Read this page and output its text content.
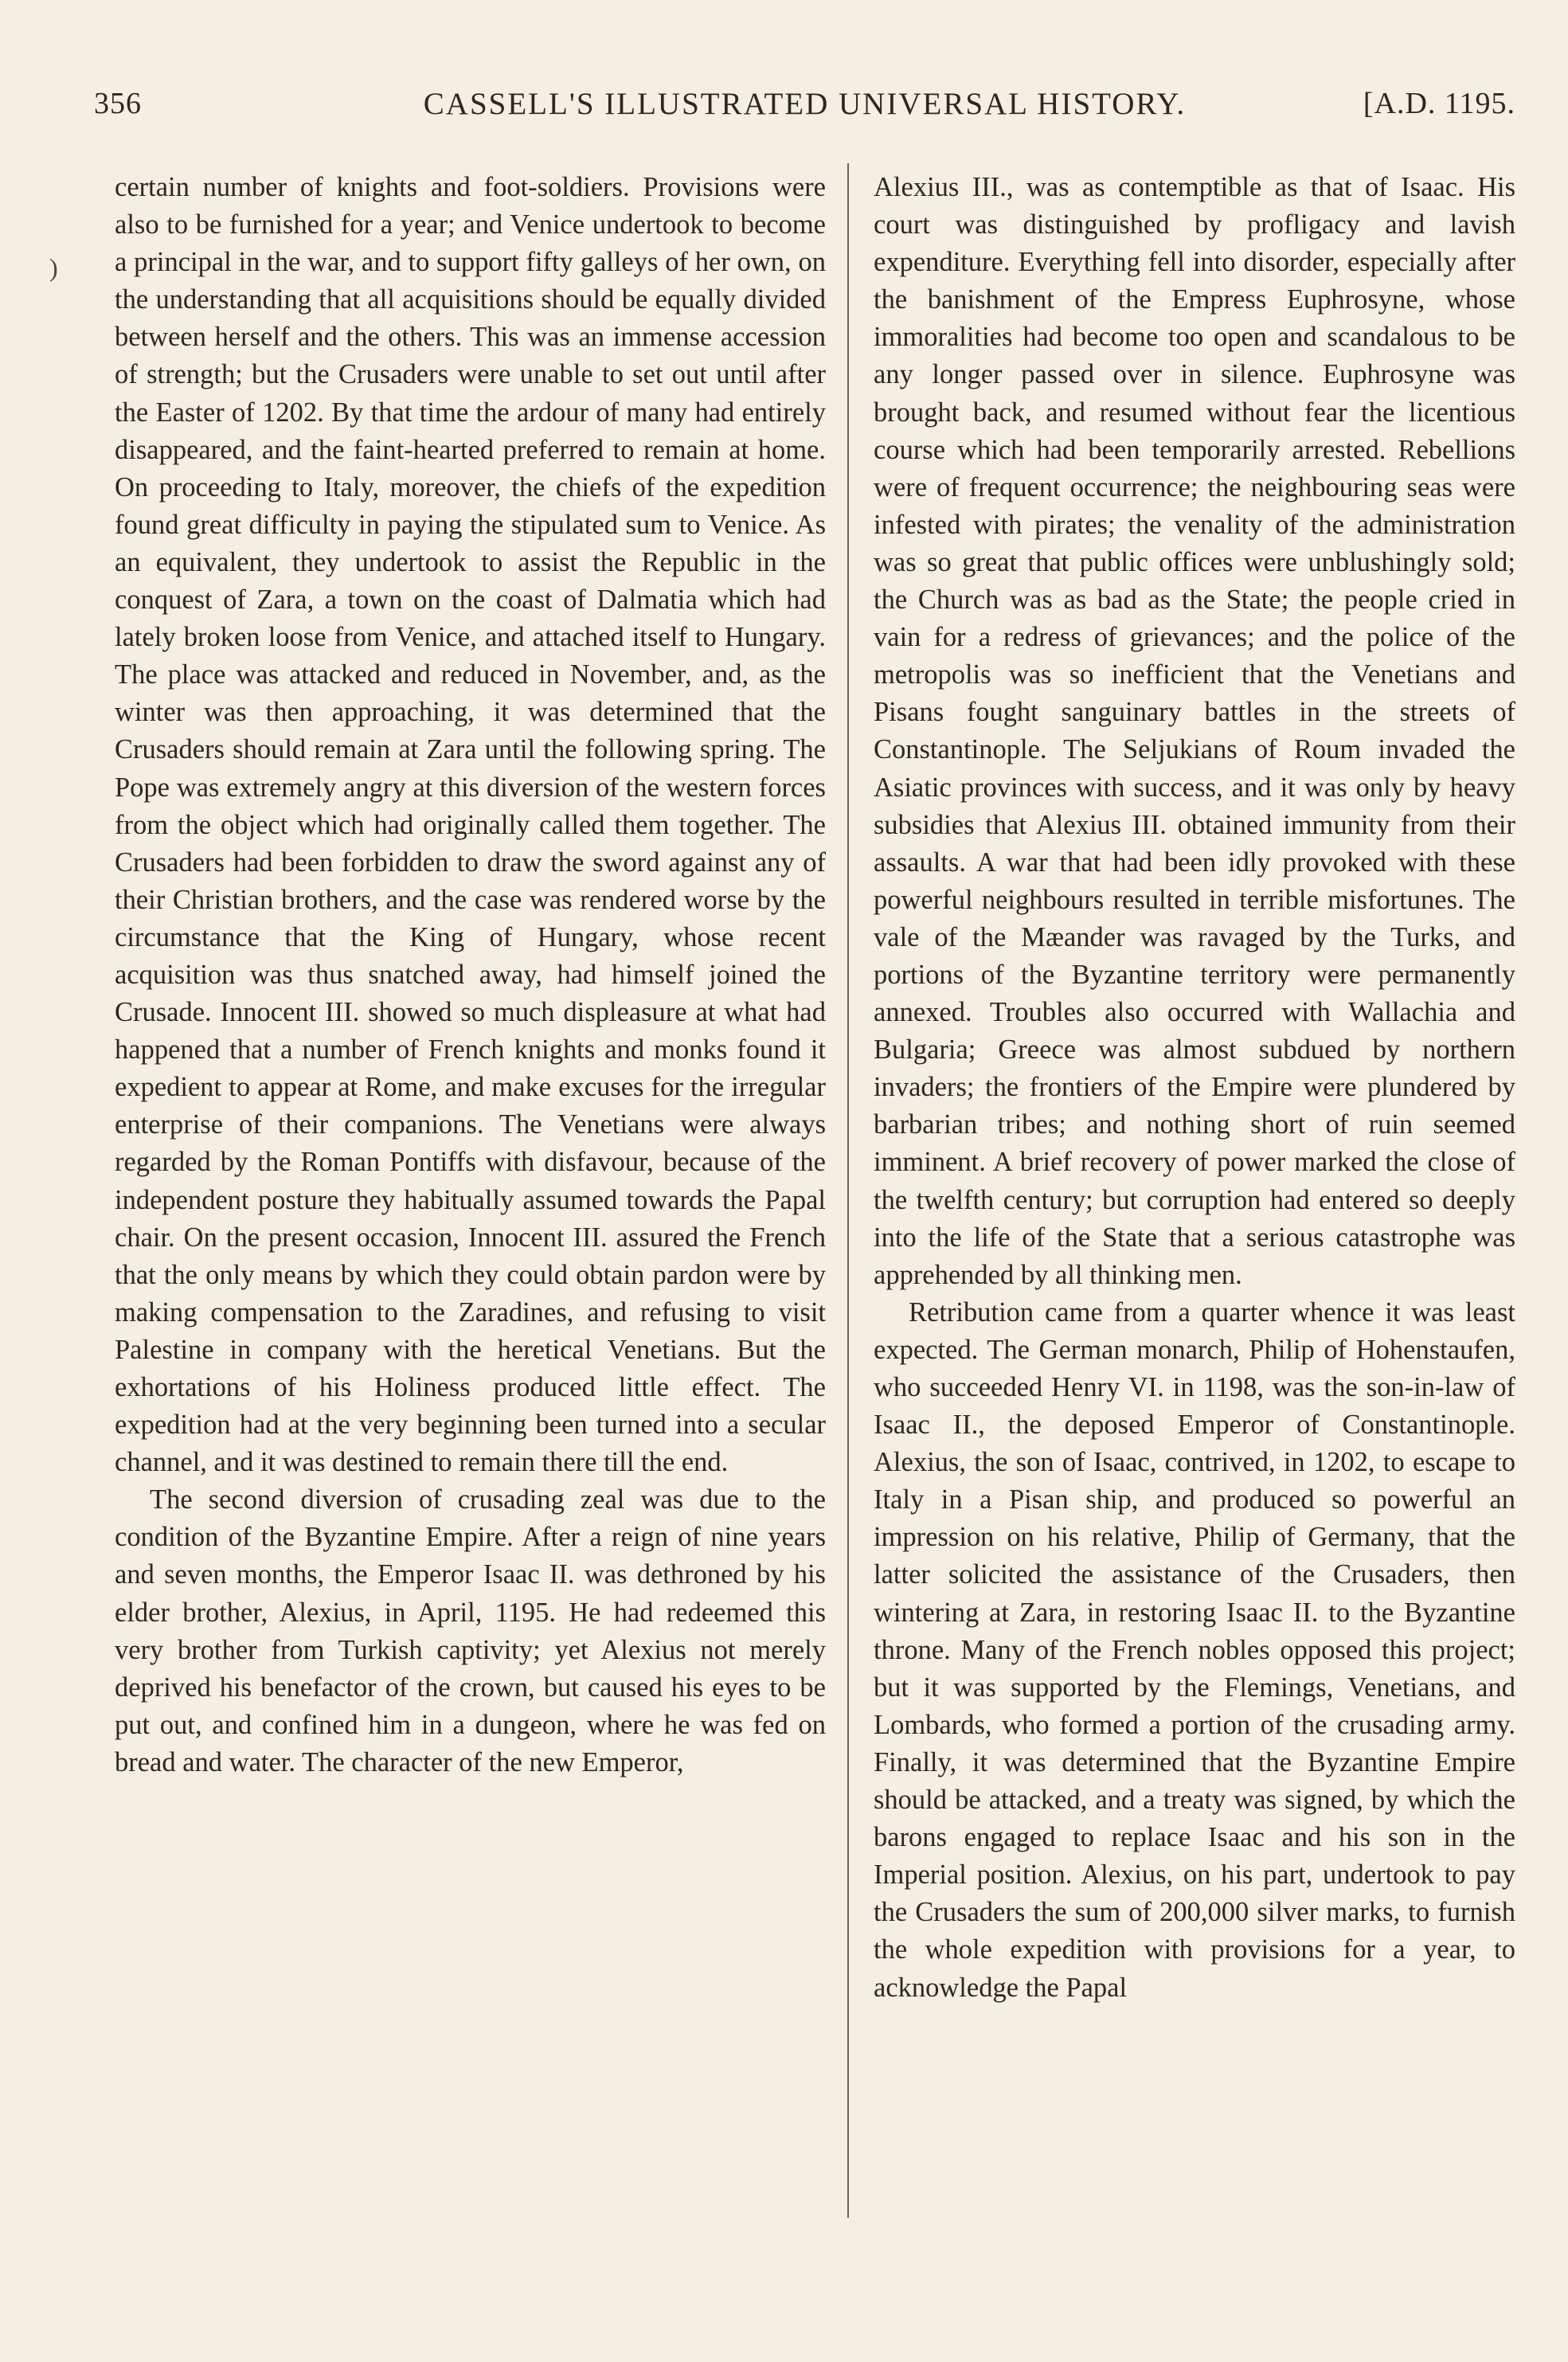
356	CASSELL'S ILLUSTRATED UNIVERSAL HISTORY.	[A.D. 1195.
)

certain number of knights and foot-soldiers. Provisions were also to be furnished for a year; and Venice undertook to become a principal in the war, and to support fifty galleys of her own, on the understanding that all acquisitions should be equally divided between herself and the others. This was an immense accession of strength; but the Crusaders were unable to set out until after the Easter of 1202. By that time the ardour of many had entirely disappeared, and the faint-hearted preferred to remain at home. On proceeding to Italy, moreover, the chiefs of the expedition found great difficulty in paying the stipulated sum to Venice. As an equivalent, they undertook to assist the Republic in the conquest of Zara, a town on the coast of Dalmatia which had lately broken loose from Venice, and attached itself to Hungary. The place was attacked and reduced in November, and, as the winter was then approaching, it was determined that the Crusaders should remain at Zara until the following spring. The Pope was extremely angry at this diversion of the western forces from the object which had originally called them together. The Crusaders had been forbidden to draw the sword against any of their Christian brothers, and the case was rendered worse by the circumstance that the King of Hungary, whose recent acquisition was thus snatched away, had himself joined the Crusade. Innocent III. showed so much displeasure at what had happened that a number of French knights and monks found it expedient to appear at Rome, and make excuses for the irregular enterprise of their companions. The Venetians were always regarded by the Roman Pontiffs with disfavour, because of the independent posture they habitually assumed towards the Papal chair. On the present occasion, Innocent III. assured the French that the only means by which they could obtain pardon were by making compensation to the Zaradines, and refusing to visit Palestine in company with the heretical Venetians. But the exhortations of his Holiness produced little effect. The expedition had at the very beginning been turned into a secular channel, and it was destined to remain there till the end.

The second diversion of crusading zeal was due to the condition of the Byzantine Empire. After a reign of nine years and seven months, the Emperor Isaac II. was dethroned by his elder brother, Alexius, in April, 1195. He had redeemed this very brother from Turkish captivity; yet Alexius not merely deprived his benefactor of the crown, but caused his eyes to be put out, and confined him in a dungeon, where he was fed on bread and water. The character of the new Emperor,

Alexius III., was as contemptible as that of Isaac. His court was distinguished by profligacy and lavish expenditure. Everything fell into disorder, especially after the banishment of the Empress Euphrosyne, whose immoralities had become too open and scandalous to be any longer passed over in silence. Euphrosyne was brought back, and resumed without fear the licentious course which had been temporarily arrested. Rebellions were of frequent occurrence; the neighbouring seas were infested with pirates; the venality of the administration was so great that public offices were unblushingly sold; the Church was as bad as the State; the people cried in vain for a redress of grievances; and the police of the metropolis was so inefficient that the Venetians and Pisans fought sanguinary battles in the streets of Constantinople. The Seljukians of Roum invaded the Asiatic provinces with success, and it was only by heavy subsidies that Alexius III. obtained immunity from their assaults. A war that had been idly provoked with these powerful neighbours resulted in terrible misfortunes. The vale of the Mæander was ravaged by the Turks, and portions of the Byzantine territory were permanently annexed. Troubles also occurred with Wallachia and Bulgaria; Greece was almost subdued by northern invaders; the frontiers of the Empire were plundered by barbarian tribes; and nothing short of ruin seemed imminent. A brief recovery of power marked the close of the twelfth century; but corruption had entered so deeply into the life of the State that a serious catastrophe was apprehended by all thinking men.

Retribution came from a quarter whence it was least expected. The German monarch, Philip of Hohenstaufen, who succeeded Henry VI. in 1198, was the son-in-law of Isaac II., the deposed Emperor of Constantinople. Alexius, the son of Isaac, contrived, in 1202, to escape to Italy in a Pisan ship, and produced so powerful an impression on his relative, Philip of Germany, that the latter solicited the assistance of the Crusaders, then wintering at Zara, in restoring Isaac II. to the Byzantine throne. Many of the French nobles opposed this project; but it was supported by the Flemings, Venetians, and Lombards, who formed a portion of the crusading army. Finally, it was determined that the Byzantine Empire should be attacked, and a treaty was signed, by which the barons engaged to replace Isaac and his son in the Imperial position. Alexius, on his part, undertook to pay the Crusaders the sum of 200,000 silver marks, to furnish the whole expedition with provisions for a year, to acknowledge the Papal
